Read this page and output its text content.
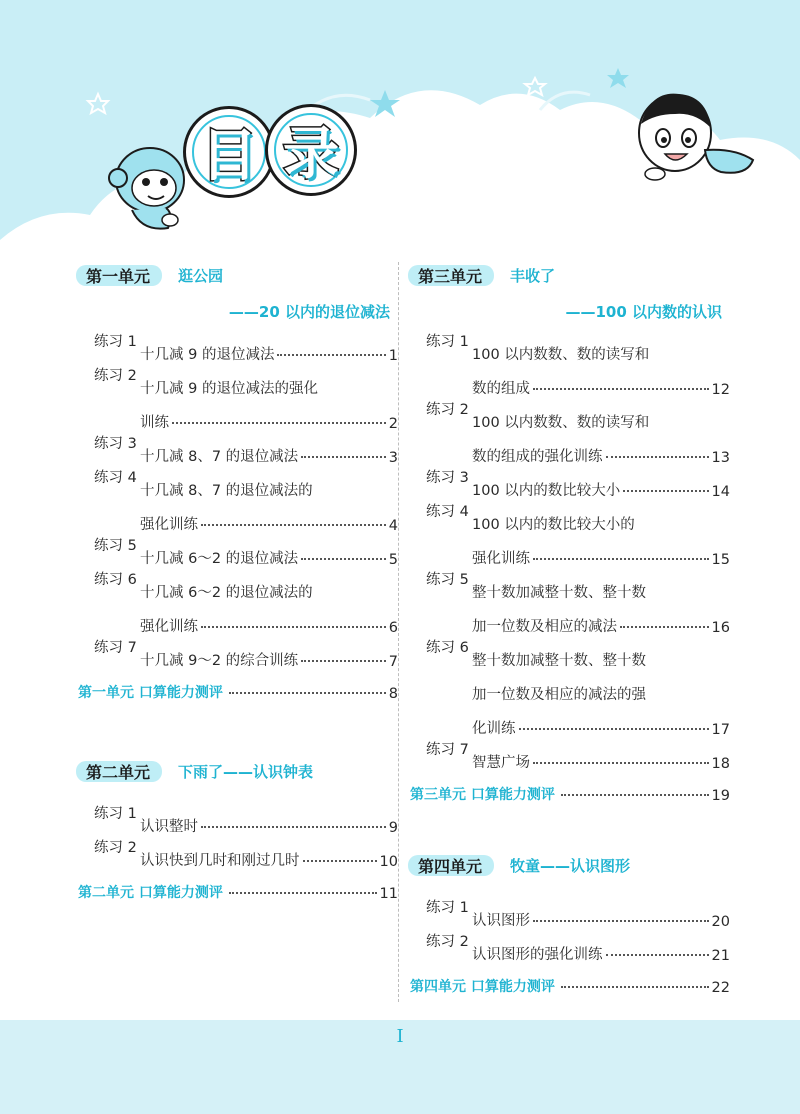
目 录
第一单元	逛公园
——20 以内的退位减法
练习 1
十几减 9 的退位减法	1
练习 2
十几减 9 的退位减法的强化
训练	2
练习 3
十几减 8、7 的退位减法	3
练习 4
十几减 8、7 的退位减法的
强化训练	4
练习 5
十几减 6～2 的退位减法	5
练习 6
十几减 6～2 的退位减法的
强化训练	6
练习 7
十几减 9～2 的综合训练	7
第一单元 口算能力测评	8
第二单元	下雨了——认识钟表
练习 1
认识整时	9
练习 2
认识快到几时和刚过几时	10
第二单元 口算能力测评	11
第三单元	丰收了
——100 以内数的认识
练习 1
100 以内数数、数的读写和
数的组成	12
练习 2
100 以内数数、数的读写和
数的组成的强化训练	13
练习 3
100 以内的数比较大小	14
练习 4
100 以内的数比较大小的
强化训练	15
练习 5
整十数加减整十数、整十数
加一位数及相应的减法	16
练习 6
整十数加减整十数、整十数
加一位数及相应的减法的强
化训练	17
练习 7
智慧广场	18
第三单元 口算能力测评	19
第四单元	牧童——认识图形
练习 1
认识图形	20
练习 2
认识图形的强化训练	21
第四单元 口算能力测评	22
I
